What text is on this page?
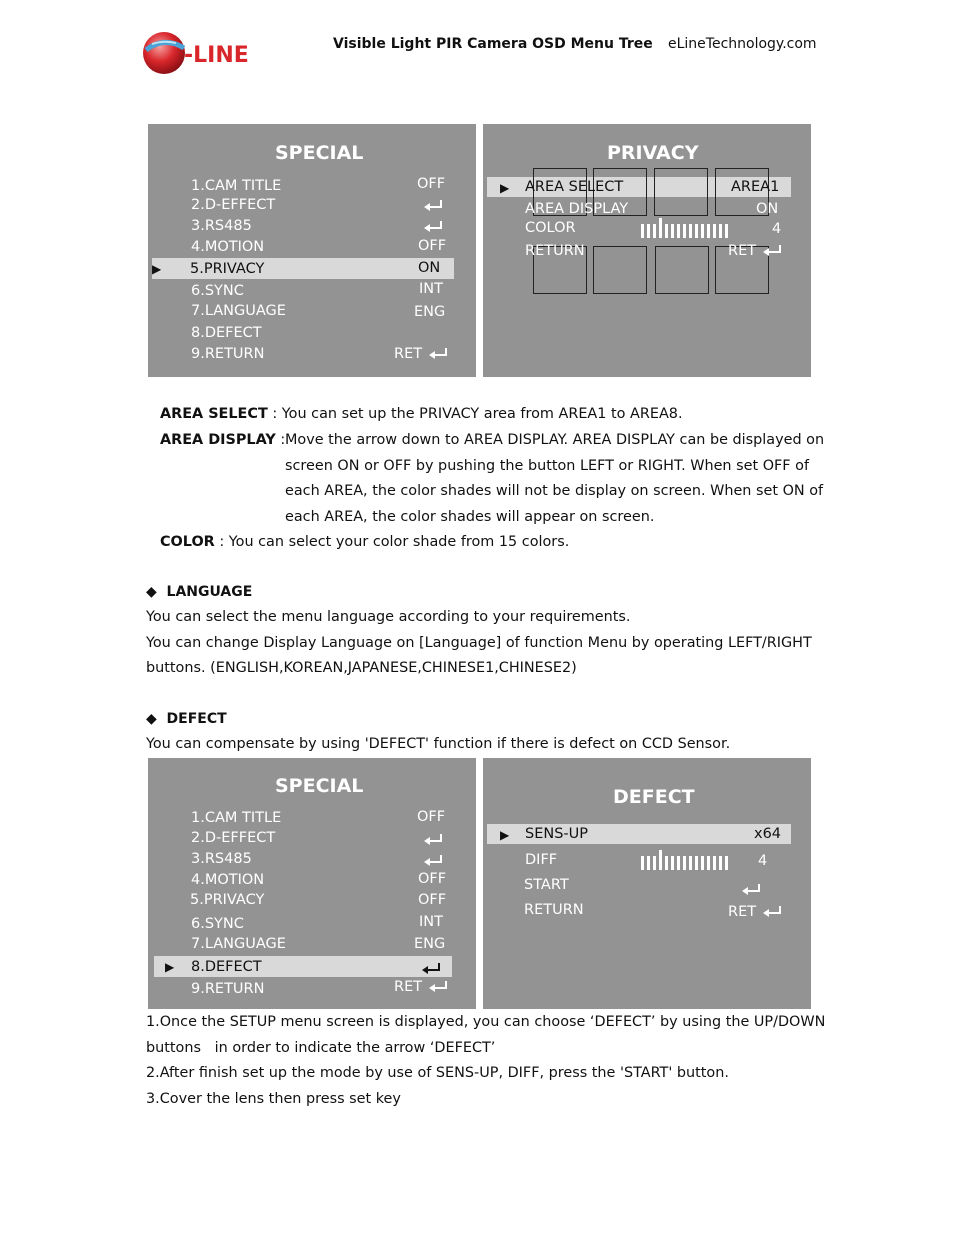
-LINE	Visible Light PIR Camera OSD Menu Tree eLineTechnology.com
SPECIAL
▶
1.CAM TITLE	OFF
2.D-EFFECT
3.RS485
4.MOTION	OFF
5.PRIVACY	ON
6.SYNC	INT
7.LANGUAGE	ENG
8.DEFECT
9.RETURN	RET
PRIVACY
▶ AREA SELECT	AREA1
AREA DISPLAY	ON
COLOR	4
RETURN	RET
AREA SELECT : You can set up the PRIVACY area from AREA1 to AREA8.
AREA DISPLAY : Move the arrow down to AREA DISPLAY. AREA DISPLAY can be displayed on
screen ON or OFF by pushing the button LEFT or RIGHT. When set OFF of
each AREA, the color shades will not be display on screen. When set ON of
each AREA, the color shades will appear on screen.
COLOR : You can select your color shade from 15 colors.
◆ LANGUAGE
You can select the menu language according to your requirements.
You can change Display Language on [Language] of function Menu by operating LEFT/RIGHT
buttons. (ENGLISH,KOREAN,JAPANESE,CHINESE1,CHINESE2)
◆ DEFECT
You can compensate by using 'DEFECT' function if there is defect on CCD Sensor.
SPECIAL
▶
1.CAM TITLE	OFF
2.D-EFFECT
3.RS485
4.MOTION	OFF
5.PRIVACY	OFF
6.SYNC	INT
7.LANGUAGE	ENG
8.DEFECT
9.RETURN	RET
DEFECT
▶ SENS-UP	x64
DIFF	4
START
RETURN	RET
1.Once the SETUP menu screen is displayed, you can choose ‘DEFECT’ by using the UP/DOWN
buttons   in order to indicate the arrow ‘DEFECT’
2.After finish set up the mode by use of SENS-UP, DIFF, press the 'START' button.
3.Cover the lens then press set key
